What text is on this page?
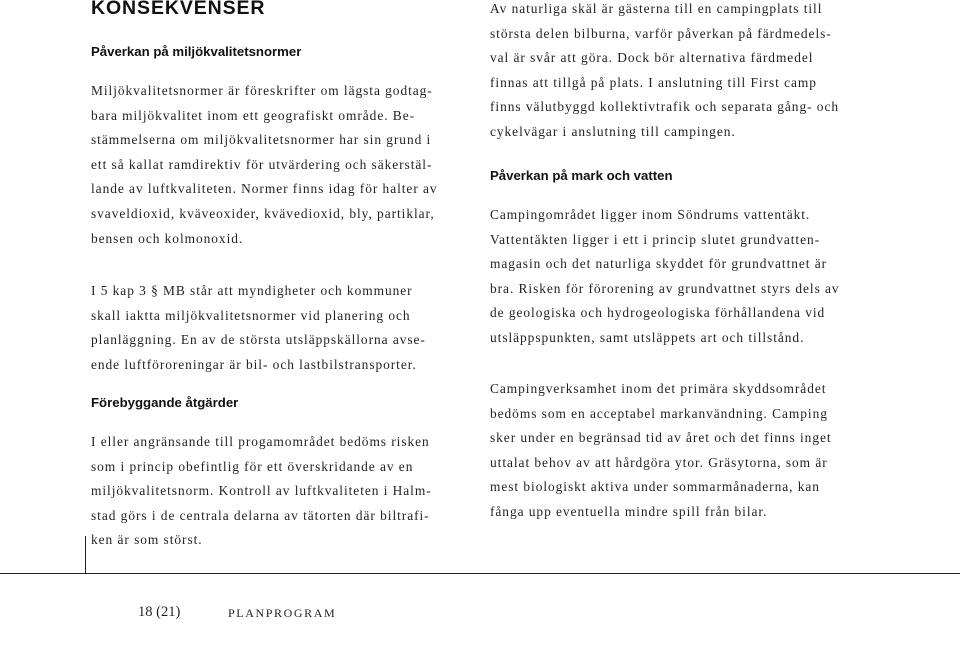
KONSEKVENSER
Påverkan på miljökvalitetsnormer

Miljökvalitetsnormer är föreskrifter om lägsta godtag-
bara miljökvalitet inom ett geografiskt område. Be-
stämmelserna om miljökvalitetsnormer har sin grund i
ett så kallat ramdirektiv för utvärdering och säkerstäl-
lande av luftkvaliteten. Normer finns idag för halter av
svaveldioxid, kväveoxider, kvävedioxid, bly, partiklar,
bensen och kolmonoxid.

I 5 kap 3 § MB står att myndigheter och kommuner
skall iaktta miljökvalitetsnormer vid planering och
planläggning. En av de största utsläppskällorna avse-
ende luftföroreningar är bil- och lastbilstransporter.

Förebyggande åtgärder

I eller angränsande till progamområdet bedöms risken
som i princip obefintlig för ett överskridande av en
miljökvalitetsnorm. Kontroll av luftkvaliteten i Halm-
stad görs i de centrala delarna av tätorten där biltrafi-
ken är som störst.

Av naturliga skäl är gästerna till en campingplats till
största delen bilburna, varför påverkan på färdmedels-
val är svår att göra. Dock bör alternativa färdmedel
finnas att tillgå på plats. I anslutning till First camp
finns välutbyggd kollektivtrafik och separata gång- och
cykelvägar i anslutning till campingen.

Påverkan på mark och vatten

Campingområdet ligger inom Söndrums vattentäkt.
Vattentäkten ligger i ett i princip slutet grundvatten-
magasin och det naturliga skyddet för grundvattnet är
bra. Risken för förorening av grundvattnet styrs dels av
de geologiska och hydrogeologiska förhållandena vid
utsläppspunkten, samt utsläppets art och tillstånd.

Campingverksamhet inom det primära skyddsområdet
bedöms som en acceptabel markanvändning. Camping
sker under en begränsad tid av året och det finns inget
uttalat behov av att hårdgöra ytor. Gräsytorna, som är
mest biologiskt aktiva under sommarmånaderna, kan
fånga upp eventuella mindre spill från bilar.

18 (21)	PLANPROGRAM
